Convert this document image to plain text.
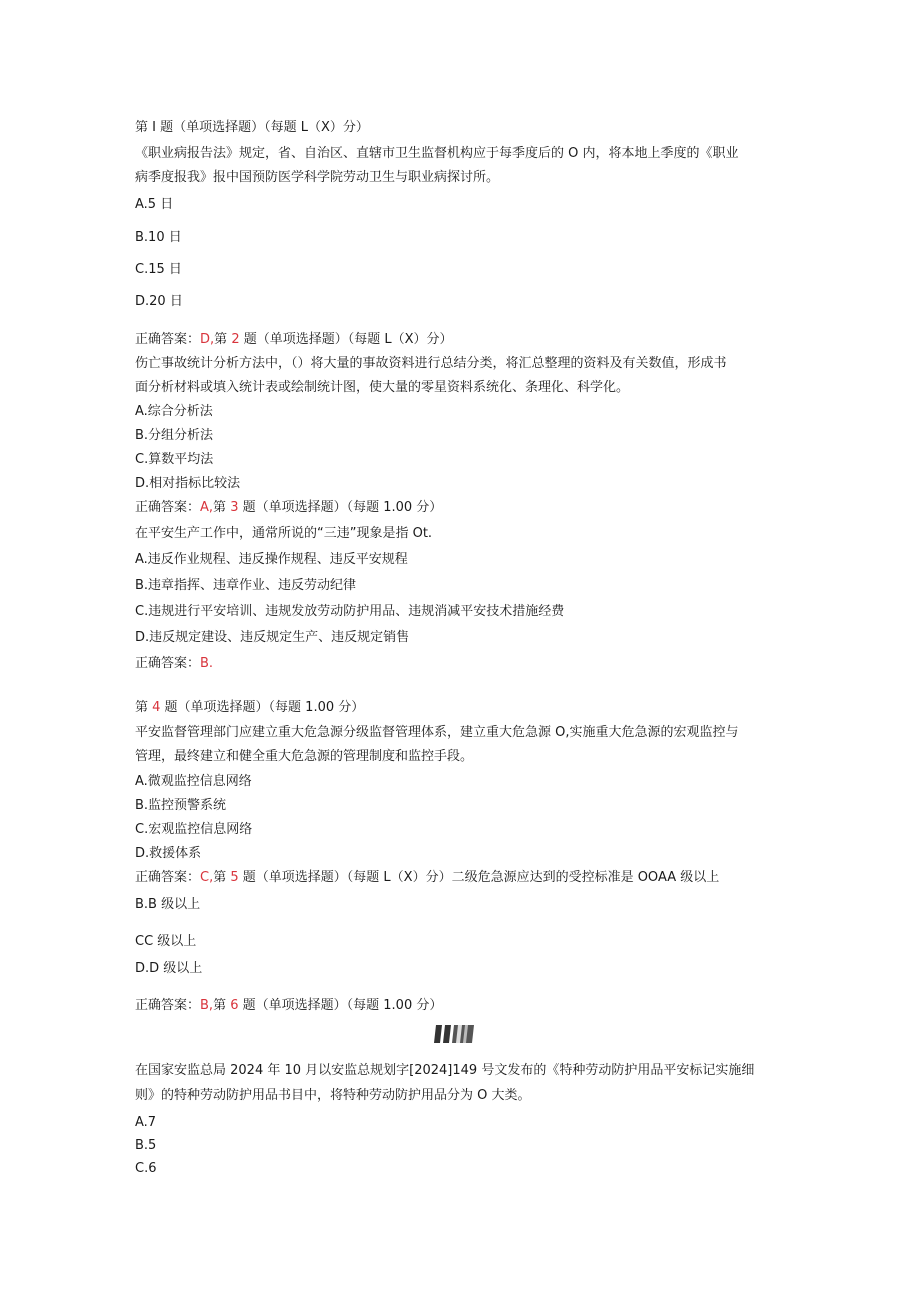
第 I 题（单项选择题）（每题 L（X）分）
《职业病报告法》规定，省、自治区、直辖市卫生监督机构应于每季度后的 O 内，将本地上季度的《职业
病季度报我》报中国预防医学科学院劳动卫生与职业病探讨所。
A.5 日
B.10 日
C.15 日
D.20 日
正确答案：D,第 2 题（单项选择题）（每题 L（X）分）
伤亡事故统计分析方法中，（）将大量的事故资料进行总结分类，将汇总整理的资料及有关数值，形成书
面分析材料或填入统计表或绘制统计图，使大量的零星资料系统化、条理化、科学化。
A.综合分析法
B.分组分析法
C.算数平均法
D.相对指标比较法
正确答案：A,第 3 题（单项选择题）（每题 1.00 分）
在平安生产工作中，通常所说的“三违”现象是指 Ot.
A.违反作业规程、违反操作规程、违反平安规程
B.违章指挥、违章作业、违反劳动纪律
C.违规进行平安培训、违规发放劳动防护用品、违规消减平安技术措施经费
D.违反规定建设、违反规定生产、违反规定销售
正确答案：B.
第 4 题（单项选择题）（每题 1.00 分）
平安监督管理部门应建立重大危急源分级监督管理体系，建立重大危急源 O,实施重大危急源的宏观监控与
管理，最终建立和健全重大危急源的管理制度和监控手段。
A.微观监控信息网络
B.监控预警系统
C.宏观监控信息网络
D.救援体系
正确答案：C,第 5 题（单项选择题）（每题 L（X）分）二级危急源应达到的受控标准是 OOAA 级以上
B.B 级以上
CC 级以上
D.D 级以上
正确答案：B,第 6 题（单项选择题）（每题 1.00 分）
在国家安监总局 2024 年 10 月以安监总规划字[2024]149 号文发布的《特种劳动防护用品平安标记实施细
则》的特种劳动防护用品书目中，将特种劳动防护用品分为 O 大类。
A.7
B.5
C.6
